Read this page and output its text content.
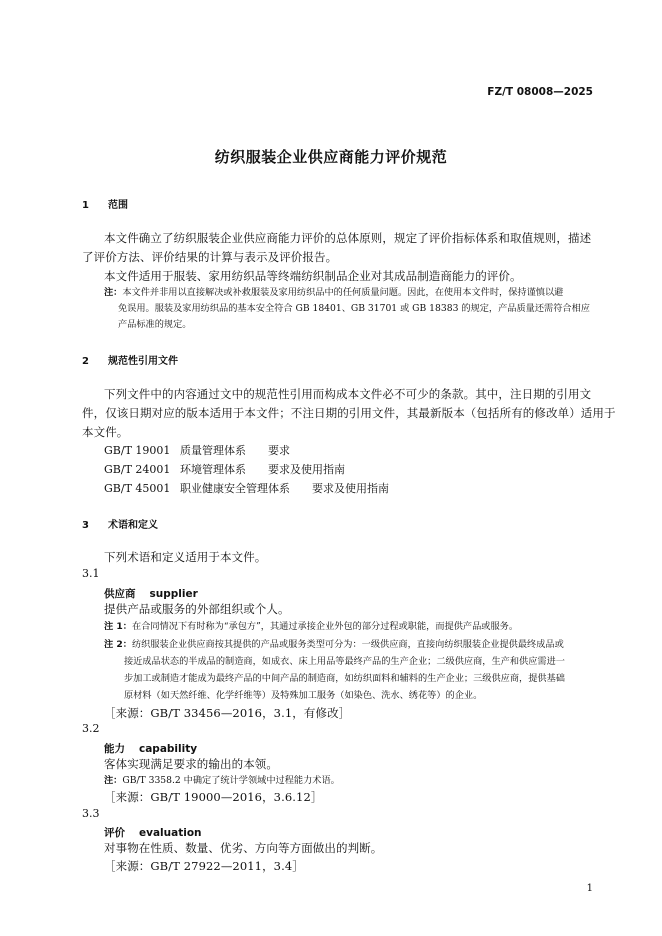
FZ/T 08008—2025
纺织服装企业供应商能力评价规范
1 范围
本文件确立了纺织服装企业供应商能力评价的总体原则，规定了评价指标体系和取值规则，描述
了评价方法、评价结果的计算与表示及评价报告。
本文件适用于服装、家用纺织品等终端纺织制品企业对其成品制造商能力的评价。
注：本文件并非用以直接解决或补救服装及家用纺织品中的任何质量问题。因此，在使用本文件时，保持谨慎以避
免误用。服装及家用纺织品的基本安全符合 GB 18401、GB 31701 或 GB 18383 的规定，产品质量还需符合相应
产品标准的规定。
2 规范性引用文件
下列文件中的内容通过文中的规范性引用而构成本文件必不可少的条款。其中，注日期的引用文
件，仅该日期对应的版本适用于本文件；不注日期的引用文件，其最新版本（包括所有的修改单）适用于
本文件。
GB/T 19001 质量管理体系 要求
GB/T 24001 环境管理体系 要求及使用指南
GB/T 45001 职业健康安全管理体系 要求及使用指南
3 术语和定义
下列术语和定义适用于本文件。
3.1
供应商 supplier
提供产品或服务的外部组织或个人。
注 1：在合同情况下有时称为“承包方”，其通过承接企业外包的部分过程或职能，而提供产品或服务。
注 2：纺织服装企业供应商按其提供的产品或服务类型可分为：一级供应商，直接向纺织服装企业提供最终成品或
接近成品状态的半成品的制造商，如成衣、床上用品等最终产品的生产企业；二级供应商，生产和供应需进一
步加工或制造才能成为最终产品的中间产品的制造商，如纺织面料和辅料的生产企业；三级供应商，提供基础
原材料（如天然纤维、化学纤维等）及特殊加工服务（如染色、洗水、绣花等）的企业。
［来源：GB/T 33456—2016，3.1，有修改］
3.2
能力 capability
客体实现满足要求的输出的本领。
注：GB/T 3358.2 中确定了统计学领域中过程能力术语。
［来源：GB/T 19000—2016，3.6.12］
3.3
评价 evaluation
对事物在性质、数量、优劣、方向等方面做出的判断。
［来源：GB/T 27922—2011，3.4］
1
